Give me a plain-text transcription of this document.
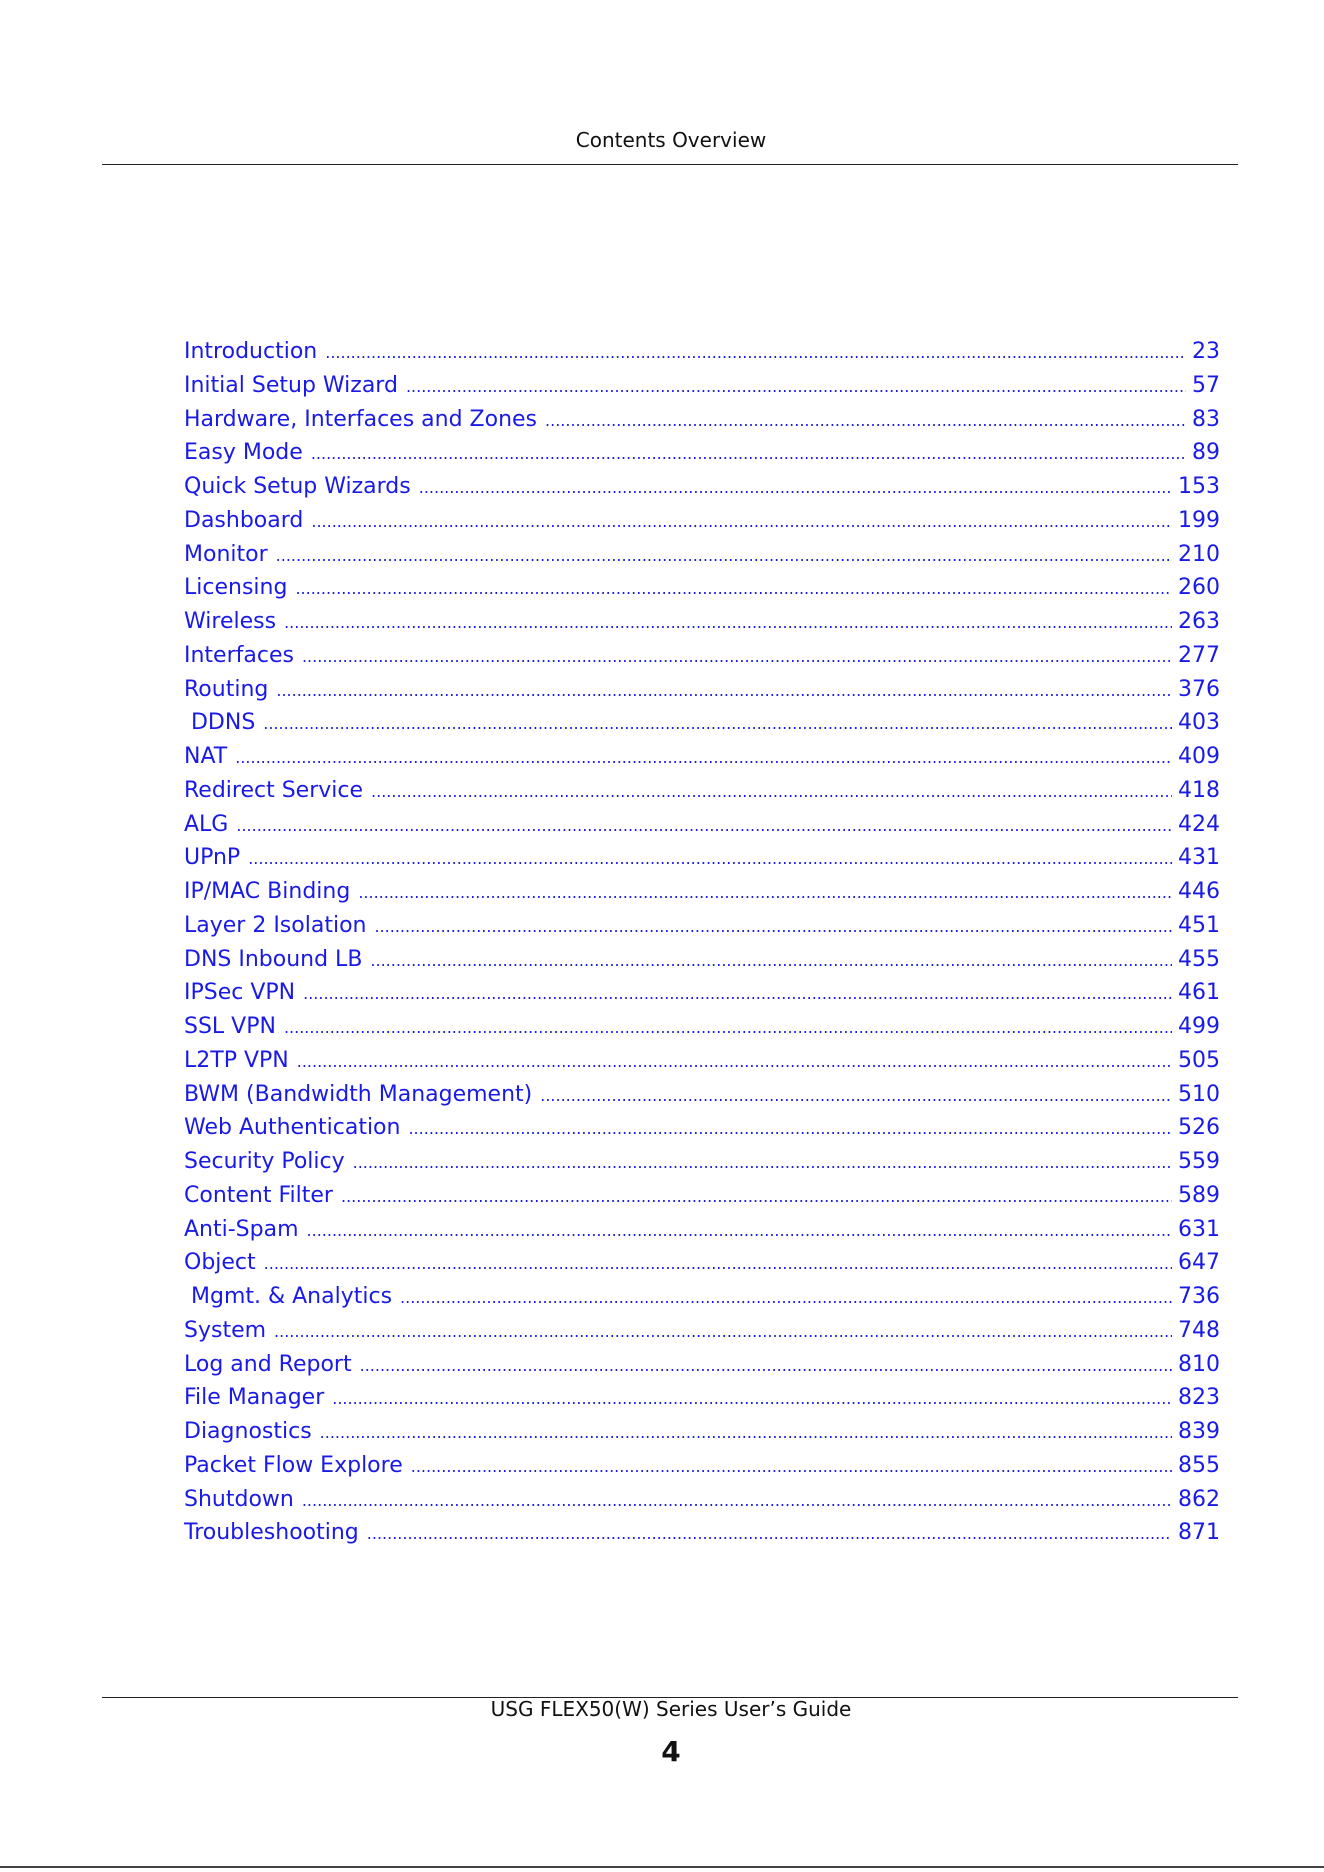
Contents Overview
Introduction .....	23
Initial Setup Wizard .....	57
Hardware, Interfaces and Zones .....	83
Easy Mode .....	89
Quick Setup Wizards .....	153
Dashboard .....	199
Monitor .....	210
Licensing .....	260
Wireless .....	263
Interfaces .....	277
Routing .....	376
DDNS .....	403
NAT .....	409
Redirect Service .....	418
ALG .....	424
UPnP .....	431
IP/MAC Binding .....	446
Layer 2 Isolation .....	451
DNS Inbound LB .....	455
IPSec VPN .....	461
SSL VPN .....	499
L2TP VPN .....	505
BWM (Bandwidth Management) .....	510
Web Authentication .....	526
Security Policy .....	559
Content Filter .....	589
Anti-Spam .....	631
Object .....	647
Mgmt. & Analytics .....	736
System .....	748
Log and Report .....	810
File Manager .....	823
Diagnostics .....	839
Packet Flow Explore .....	855
Shutdown .....	862
Troubleshooting .....	871
USG FLEX50(W) Series User’s Guide
4
